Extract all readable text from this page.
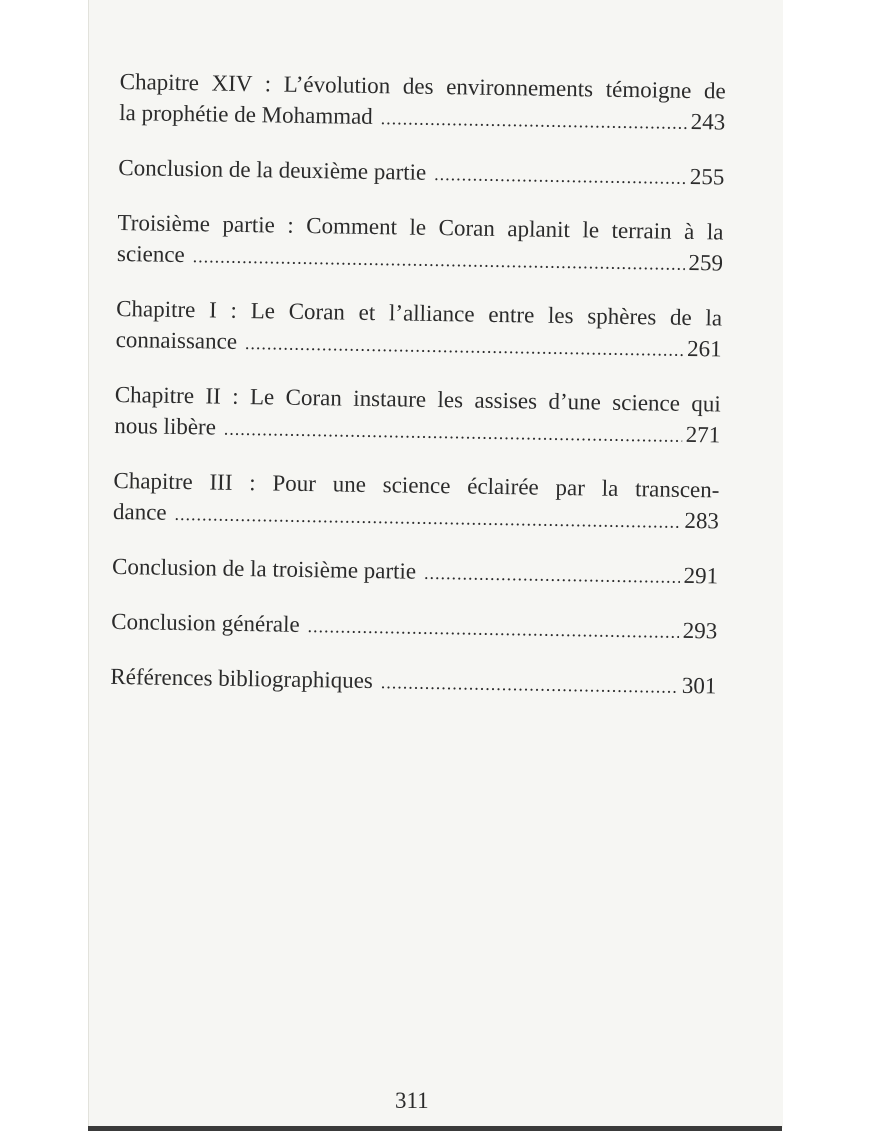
Chapitre XIV : L’évolution des environnements témoigne de
la prophétie de Mohammad .....	243
Conclusion de la deuxième partie .....	255
Troisième partie : Comment le Coran aplanit le terrain à la
science .....	259
Chapitre I : Le Coran et l’alliance entre les sphères de la
connaissance .....	261
Chapitre II : Le Coran instaure les assises d’une science qui
nous libère .....	271
Chapitre III : Pour une science éclairée par la transcen-
dance .....	283
Conclusion de la troisième partie .....	291
Conclusion générale .....	293
Références bibliographiques .....	301
311
